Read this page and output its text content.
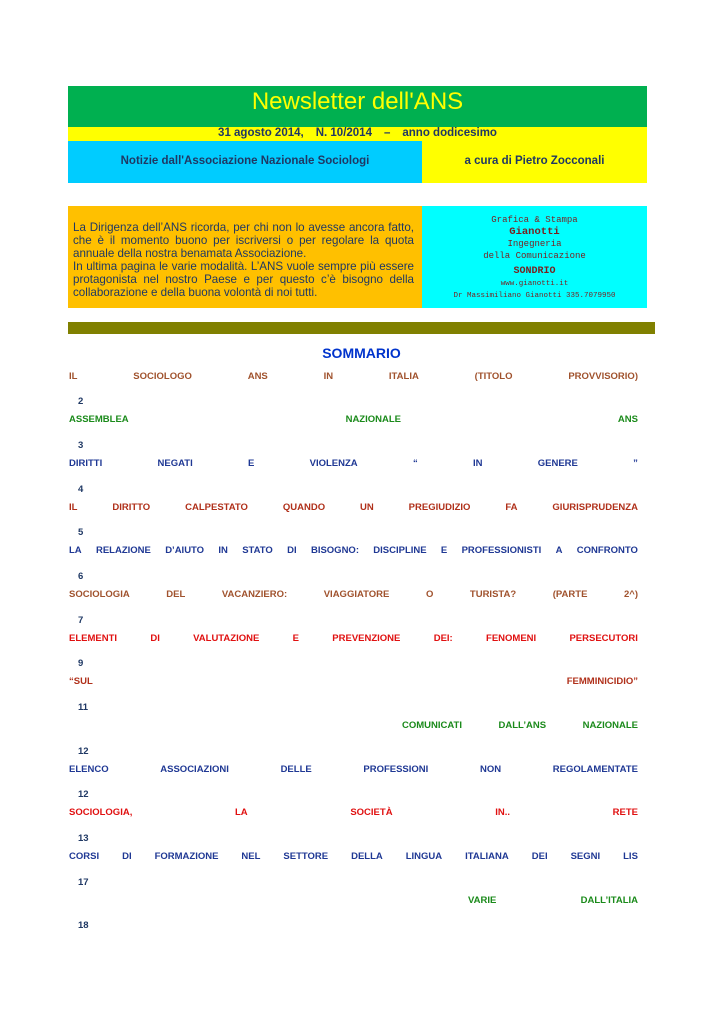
Newsletter dell'ANS
31 agosto 2014, N. 10/2014 – anno dodicesimo
Notizie dall'Associazione Nazionale Sociologi	a cura di Pietro Zocconali

La Dirigenza dell’ANS ricorda, per chi non lo avesse ancora fatto, che è il momento buono per iscriversi o per regolare la quota annuale della nostra benamata Associazione.

In ultima pagina le varie modalità. L’ANS vuole sempre più essere protagonista nel nostro Paese e per questo c’è bisogno della collaborazione e della buona volontà di noi tutti.

Grafica & Stampa
Gianotti
Ingegneria
della Comunicazione
SONDRIO
www.gianotti.it
Dr Massimiliano Gianotti 335.7079950
SOMMARIO
IL	SOCIOLOGO	ANS	IN	ITALIA	(TITOLO	PROVVISORIO)
2
ASSEMBLEA	NAZIONALE	ANS
3
DIRITTI	NEGATI	E	VIOLENZA	“	IN	GENERE	”
4
IL	DIRITTO	CALPESTATO	QUANDO	UN	PREGIUDIZIO	FA	GIURISPRUDENZA
5
LA RELAZIONE D’AIUTO IN STATO DI BISOGNO: DISCIPLINE E PROFESSIONISTI A CONFRONTO
6
SOCIOLOGIA	DEL	VACANZIERO:	VIAGGIATORE	O	TURISTA?	(PARTE	2^)
7
ELEMENTI	DI	VALUTAZIONE	E	PREVENZIONE	DEI:	FENOMENI	PERSECUTORI
9
“SUL	FEMMINICIDIO”
11
COMUNICATI	DALL’ANS	NAZIONALE
12
ELENCO	ASSOCIAZIONI	DELLE	PROFESSIONI	NON	REGOLAMENTATE
12
SOCIOLOGIA,	LA	SOCIETÀ	IN..	RETE
13
CORSI DI FORMAZIONE NEL SETTORE DELLA LINGUA ITALIANA DEI SEGNI LIS
17
VARIE	DALL’ITALIA
18
